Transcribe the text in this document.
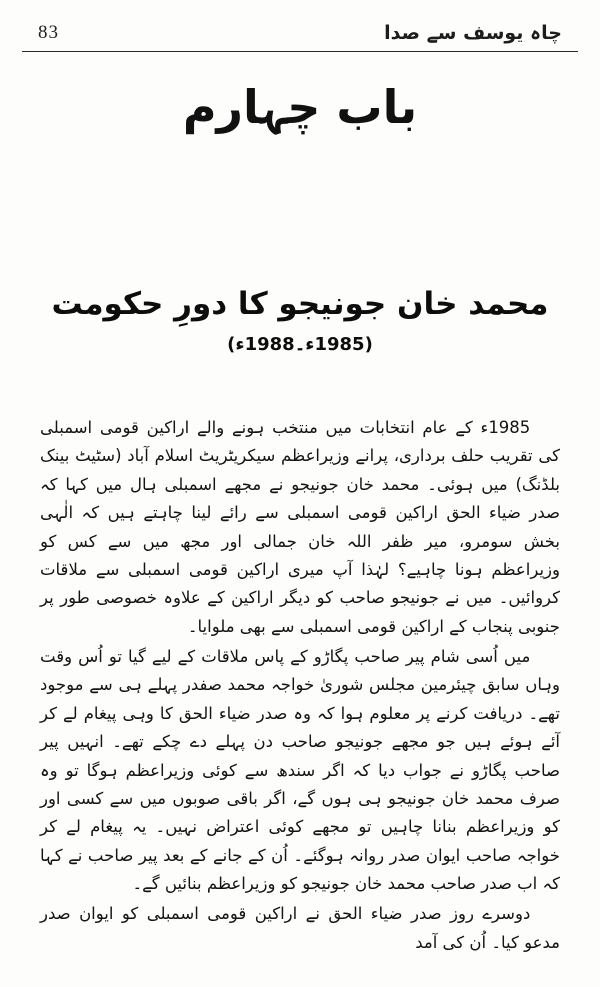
83	چاہ یوسف سے صدا
باب چہارم
محمد خان جونیجو کا دورِ حکومت (1985ء۔1988ء)

1985ء کے عام انتخابات میں منتخب ہونے والے اراکین قومی اسمبلی کی تقریب حلف برداری، پرانے وزیراعظم سیکریٹریٹ اسلام آباد (سٹیٹ بینک بلڈنگ) میں ہوئی۔ محمد خان جونیجو نے مجھے اسمبلی ہال میں کہا کہ صدر ضیاء الحق اراکین قومی اسمبلی سے رائے لینا چاہتے ہیں کہ الٰہی بخش سومرو، میر ظفر اللہ خان جمالی اور مجھ میں سے کس کو وزیراعظم ہونا چاہیے؟ لہٰذا آپ میری اراکین قومی اسمبلی سے ملاقات کروائیں۔ میں نے جونیجو صاحب کو دیگر اراکین کے علاوہ خصوصی طور پر جنوبی پنجاب کے اراکین قومی اسمبلی سے بھی ملوایا۔

میں اُسی شام پیر صاحب پگاڑو کے پاس ملاقات کے لیے گیا تو اُس وقت وہاں سابق چیئرمین مجلس شوریٰ خواجہ محمد صفدر پہلے ہی سے موجود تھے۔ دریافت کرنے پر معلوم ہوا کہ وہ صدر ضیاء الحق کا وہی پیغام لے کر آئے ہوئے ہیں جو مجھے جونیجو صاحب دن پہلے دے چکے تھے۔ انہیں پیر صاحب پگاڑو نے جواب دیا کہ اگر سندھ سے کوئی وزیراعظم ہوگا تو وہ صرف محمد خان جونیجو ہی ہوں گے، اگر باقی صوبوں میں سے کسی اور کو وزیراعظم بنانا چاہیں تو مجھے کوئی اعتراض نہیں۔ یہ پیغام لے کر خواجہ صاحب ایوان صدر روانہ ہوگئے۔ اُن کے جانے کے بعد پیر صاحب نے کہا کہ اب صدر صاحب محمد خان جونیجو کو وزیراعظم بنائیں گے۔

دوسرے روز صدر ضیاء الحق نے اراکین قومی اسمبلی کو ایوان صدر مدعو کیا۔ اُن کی آمد
